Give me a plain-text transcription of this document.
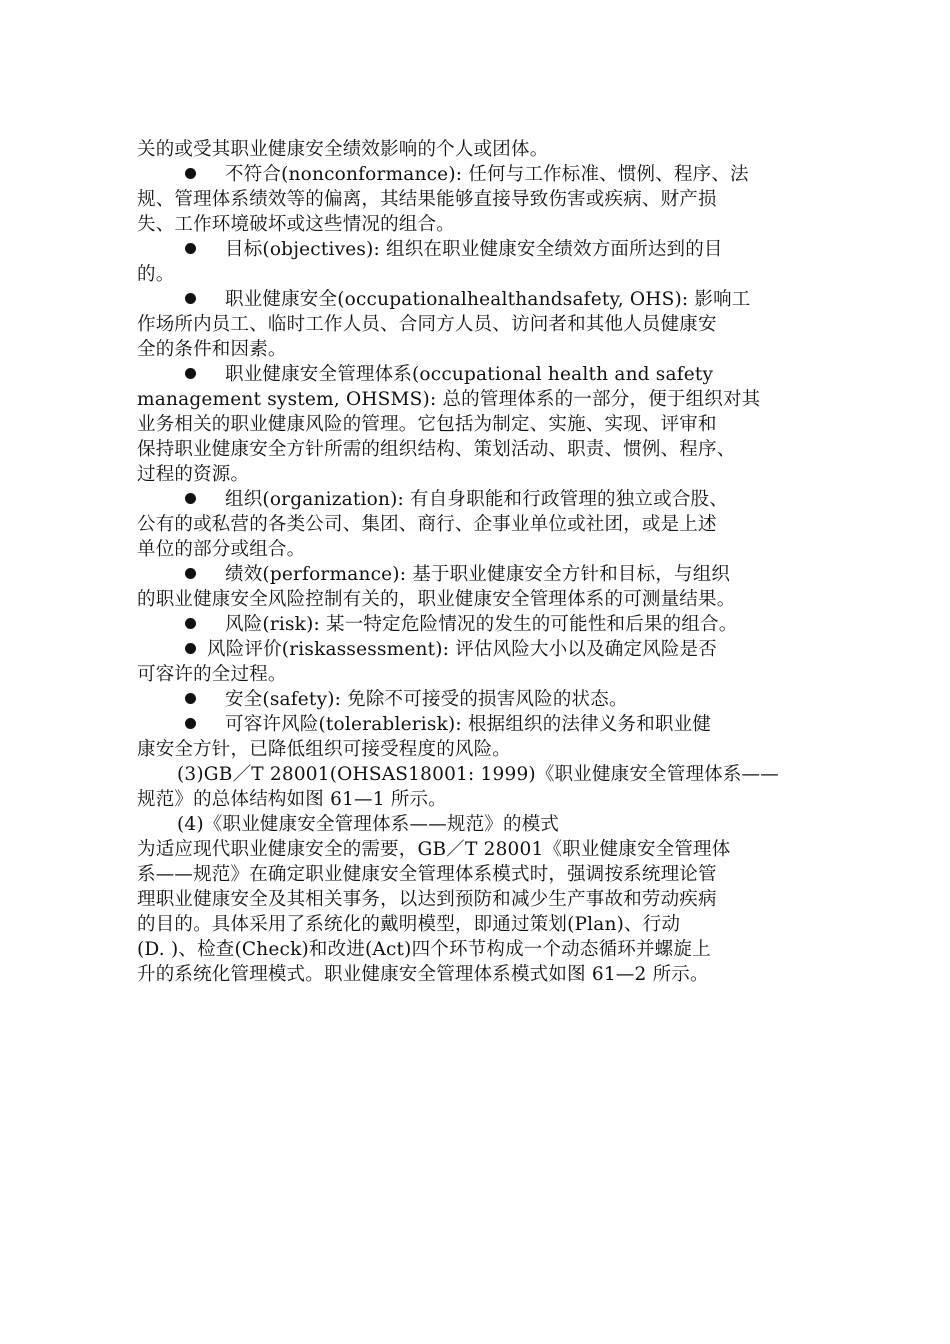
关的或受其职业健康安全绩效影响的个人或团体。
不符合(nonconformance): 任何与工作标准、惯例、程序、法
规、管理体系绩效等的偏离，其结果能够直接导致伤害或疾病、财产损
失、工作环境破坏或这些情况的组合。
目标(objectives): 组织在职业健康安全绩效方面所达到的目
的。
职业健康安全(occupationalhealthandsafety, OHS): 影响工
作场所内员工、临时工作人员、合同方人员、访问者和其他人员健康安
全的条件和因素。
职业健康安全管理体系(occupational health and safety
management system, OHSMS): 总的管理体系的一部分，便于组织对其
业务相关的职业健康风险的管理。它包括为制定、实施、实现、评审和
保持职业健康安全方针所需的组织结构、策划活动、职责、惯例、程序、
过程的资源。
组织(organization): 有自身职能和行政管理的独立或合股、
公有的或私营的各类公司、集团、商行、企事业单位或社团，或是上述
单位的部分或组合。
绩效(performance): 基于职业健康安全方针和目标，与组织
的职业健康安全风险控制有关的，职业健康安全管理体系的可测量结果。
风险(risk): 某一特定危险情况的发生的可能性和后果的组合。
风险评价(riskassessment): 评估风险大小以及确定风险是否
可容许的全过程。
安全(safety): 免除不可接受的损害风险的状态。
可容许风险(tolerablerisk): 根据组织的法律义务和职业健
康安全方针，已降低组织可接受程度的风险。
(3)GB／T 28001(OHSAS18001: 1999)《职业健康安全管理体系——
规范》的总体结构如图 61—1 所示。
(4)《职业健康安全管理体系——规范》的模式
为适应现代职业健康安全的需要，GB／T 28001《职业健康安全管理体
系——规范》在确定职业健康安全管理体系模式时，强调按系统理论管
理职业健康安全及其相关事务，以达到预防和减少生产事故和劳动疾病
的目的。具体采用了系统化的戴明模型，即通过策划(Plan)、行动
(D. )、检查(Check)和改进(Act)四个环节构成一个动态循环并螺旋上
升的系统化管理模式。职业健康安全管理体系模式如图 61—2 所示。
